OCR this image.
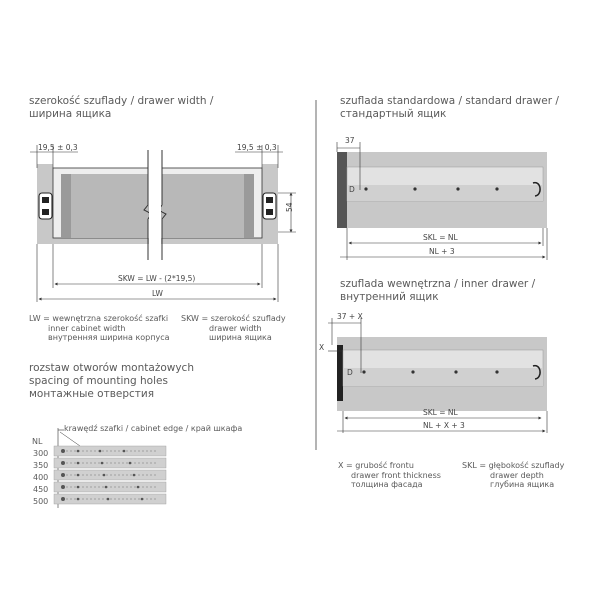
szerokość szuflady / drawer width /
ширина ящика
szuflada standardowa / standard drawer /
стандартный ящик
szuflada wewnętrzna / inner drawer /
внутренний ящик
LW = wewnętrzna szerokość szafki
inner cabinet width
внутренняя ширина корпуса
SKW = szerokość szuflady
drawer width
ширина ящика
rozstaw otworów montażowych
spacing of mounting holes
монтажные отверстия
krawędź szafki / cabinet edge / край шкафа
NL
300
350
400
450
500
X = grubość frontu
drawer front thickness
толщина фасада
SKL = głębokość szuflady
drawer depth
глубина ящика
19,5 ± 0,3	19,5 ± 0,3
54
SKW = LW - (2*19,5)
LW
D
37
SKL = NL
NL + 3
D
37 + X
X
SKL = NL
NL + X + 3
